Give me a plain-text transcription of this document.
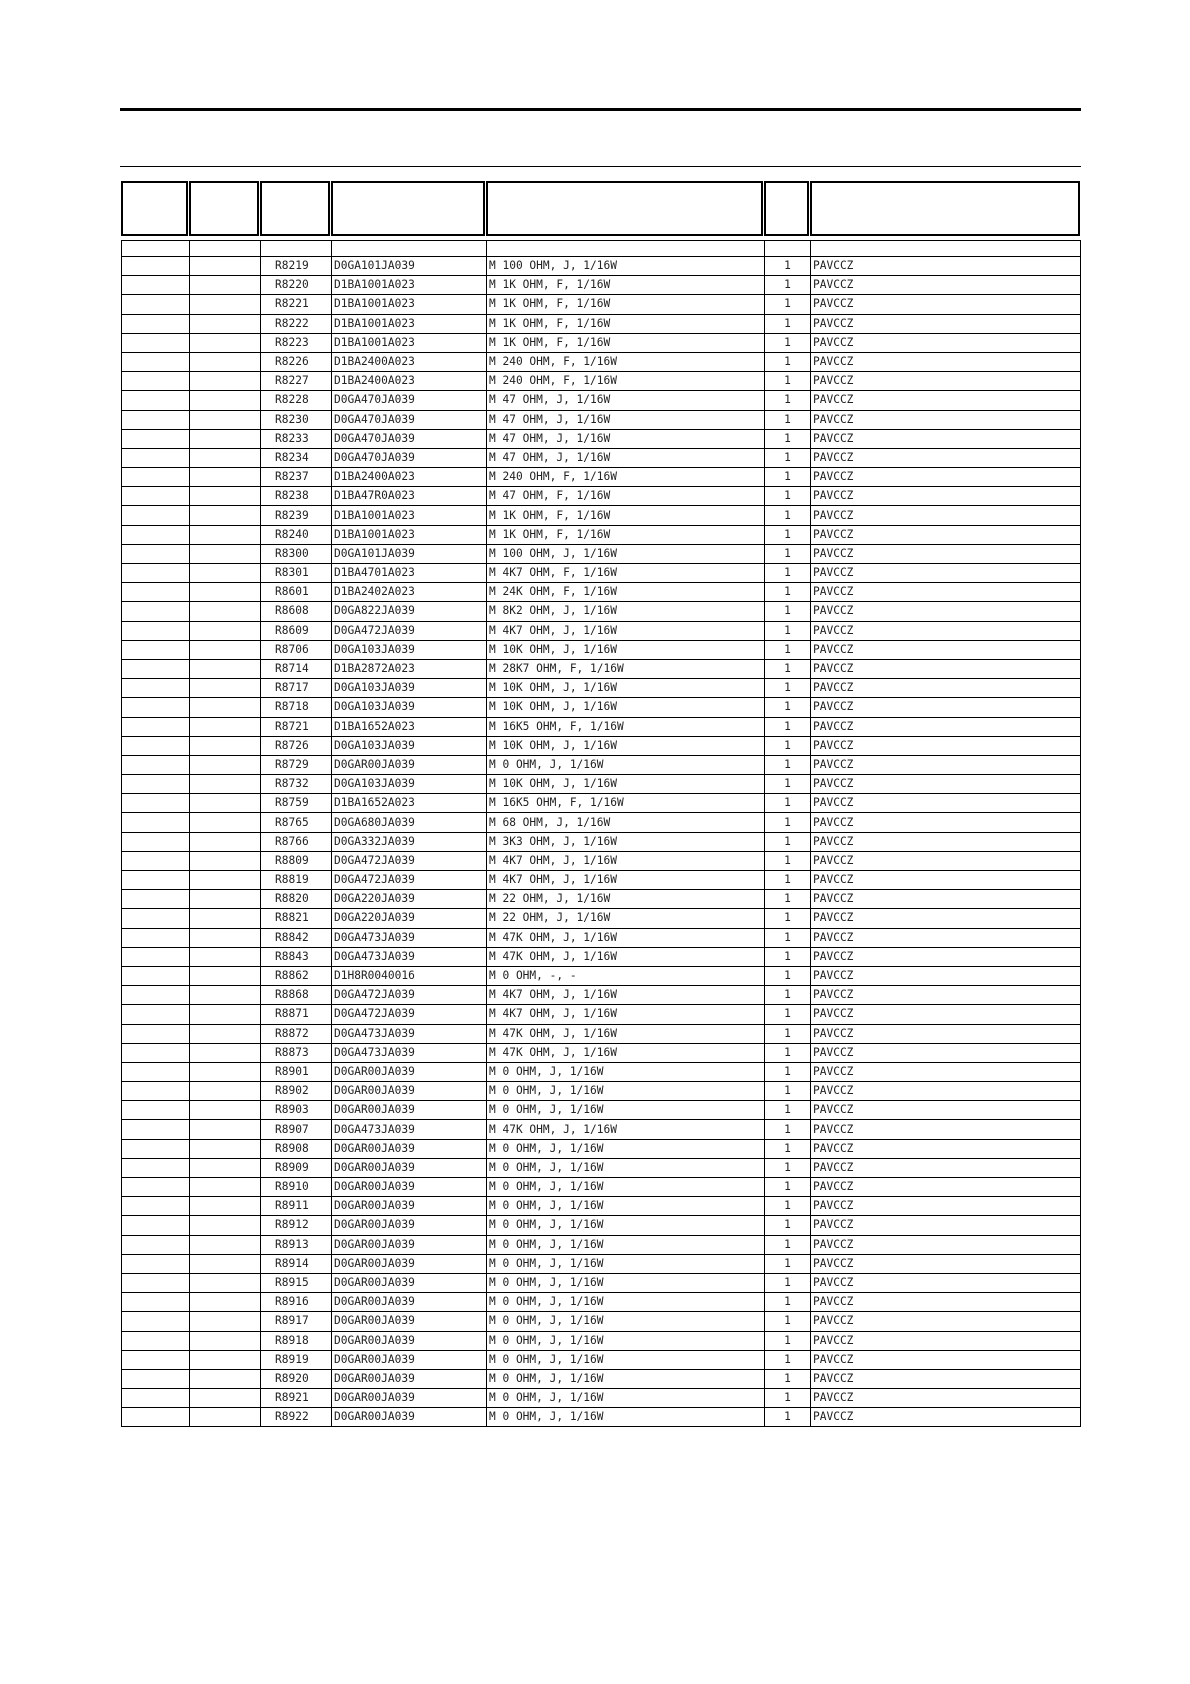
		R8219	D0GA101JA039	M 100 OHM, J, 1/16W	1	PAVCCZ
		R8220	D1BA1001A023	M 1K OHM, F, 1/16W	1	PAVCCZ
		R8221	D1BA1001A023	M 1K OHM, F, 1/16W	1	PAVCCZ
		R8222	D1BA1001A023	M 1K OHM, F, 1/16W	1	PAVCCZ
		R8223	D1BA1001A023	M 1K OHM, F, 1/16W	1	PAVCCZ
		R8226	D1BA2400A023	M 240 OHM, F, 1/16W	1	PAVCCZ
		R8227	D1BA2400A023	M 240 OHM, F, 1/16W	1	PAVCCZ
		R8228	D0GA470JA039	M 47 OHM, J, 1/16W	1	PAVCCZ
		R8230	D0GA470JA039	M 47 OHM, J, 1/16W	1	PAVCCZ
		R8233	D0GA470JA039	M 47 OHM, J, 1/16W	1	PAVCCZ
		R8234	D0GA470JA039	M 47 OHM, J, 1/16W	1	PAVCCZ
		R8237	D1BA2400A023	M 240 OHM, F, 1/16W	1	PAVCCZ
		R8238	D1BA47R0A023	M 47 OHM, F, 1/16W	1	PAVCCZ
		R8239	D1BA1001A023	M 1K OHM, F, 1/16W	1	PAVCCZ
		R8240	D1BA1001A023	M 1K OHM, F, 1/16W	1	PAVCCZ
		R8300	D0GA101JA039	M 100 OHM, J, 1/16W	1	PAVCCZ
		R8301	D1BA4701A023	M 4K7 OHM, F, 1/16W	1	PAVCCZ
		R8601	D1BA2402A023	M 24K OHM, F, 1/16W	1	PAVCCZ
		R8608	D0GA822JA039	M 8K2 OHM, J, 1/16W	1	PAVCCZ
		R8609	D0GA472JA039	M 4K7 OHM, J, 1/16W	1	PAVCCZ
		R8706	D0GA103JA039	M 10K OHM, J, 1/16W	1	PAVCCZ
		R8714	D1BA2872A023	M 28K7 OHM, F, 1/16W	1	PAVCCZ
		R8717	D0GA103JA039	M 10K OHM, J, 1/16W	1	PAVCCZ
		R8718	D0GA103JA039	M 10K OHM, J, 1/16W	1	PAVCCZ
		R8721	D1BA1652A023	M 16K5 OHM, F, 1/16W	1	PAVCCZ
		R8726	D0GA103JA039	M 10K OHM, J, 1/16W	1	PAVCCZ
		R8729	D0GAR00JA039	M 0 OHM, J, 1/16W	1	PAVCCZ
		R8732	D0GA103JA039	M 10K OHM, J, 1/16W	1	PAVCCZ
		R8759	D1BA1652A023	M 16K5 OHM, F, 1/16W	1	PAVCCZ
		R8765	D0GA680JA039	M 68 OHM, J, 1/16W	1	PAVCCZ
		R8766	D0GA332JA039	M 3K3 OHM, J, 1/16W	1	PAVCCZ
		R8809	D0GA472JA039	M 4K7 OHM, J, 1/16W	1	PAVCCZ
		R8819	D0GA472JA039	M 4K7 OHM, J, 1/16W	1	PAVCCZ
		R8820	D0GA220JA039	M 22 OHM, J, 1/16W	1	PAVCCZ
		R8821	D0GA220JA039	M 22 OHM, J, 1/16W	1	PAVCCZ
		R8842	D0GA473JA039	M 47K OHM, J, 1/16W	1	PAVCCZ
		R8843	D0GA473JA039	M 47K OHM, J, 1/16W	1	PAVCCZ
		R8862	D1H8R0040016	M 0 OHM, -, -	1	PAVCCZ
		R8868	D0GA472JA039	M 4K7 OHM, J, 1/16W	1	PAVCCZ
		R8871	D0GA472JA039	M 4K7 OHM, J, 1/16W	1	PAVCCZ
		R8872	D0GA473JA039	M 47K OHM, J, 1/16W	1	PAVCCZ
		R8873	D0GA473JA039	M 47K OHM, J, 1/16W	1	PAVCCZ
		R8901	D0GAR00JA039	M 0 OHM, J, 1/16W	1	PAVCCZ
		R8902	D0GAR00JA039	M 0 OHM, J, 1/16W	1	PAVCCZ
		R8903	D0GAR00JA039	M 0 OHM, J, 1/16W	1	PAVCCZ
		R8907	D0GA473JA039	M 47K OHM, J, 1/16W	1	PAVCCZ
		R8908	D0GAR00JA039	M 0 OHM, J, 1/16W	1	PAVCCZ
		R8909	D0GAR00JA039	M 0 OHM, J, 1/16W	1	PAVCCZ
		R8910	D0GAR00JA039	M 0 OHM, J, 1/16W	1	PAVCCZ
		R8911	D0GAR00JA039	M 0 OHM, J, 1/16W	1	PAVCCZ
		R8912	D0GAR00JA039	M 0 OHM, J, 1/16W	1	PAVCCZ
		R8913	D0GAR00JA039	M 0 OHM, J, 1/16W	1	PAVCCZ
		R8914	D0GAR00JA039	M 0 OHM, J, 1/16W	1	PAVCCZ
		R8915	D0GAR00JA039	M 0 OHM, J, 1/16W	1	PAVCCZ
		R8916	D0GAR00JA039	M 0 OHM, J, 1/16W	1	PAVCCZ
		R8917	D0GAR00JA039	M 0 OHM, J, 1/16W	1	PAVCCZ
		R8918	D0GAR00JA039	M 0 OHM, J, 1/16W	1	PAVCCZ
		R8919	D0GAR00JA039	M 0 OHM, J, 1/16W	1	PAVCCZ
		R8920	D0GAR00JA039	M 0 OHM, J, 1/16W	1	PAVCCZ
		R8921	D0GAR00JA039	M 0 OHM, J, 1/16W	1	PAVCCZ
		R8922	D0GAR00JA039	M 0 OHM, J, 1/16W	1	PAVCCZ
